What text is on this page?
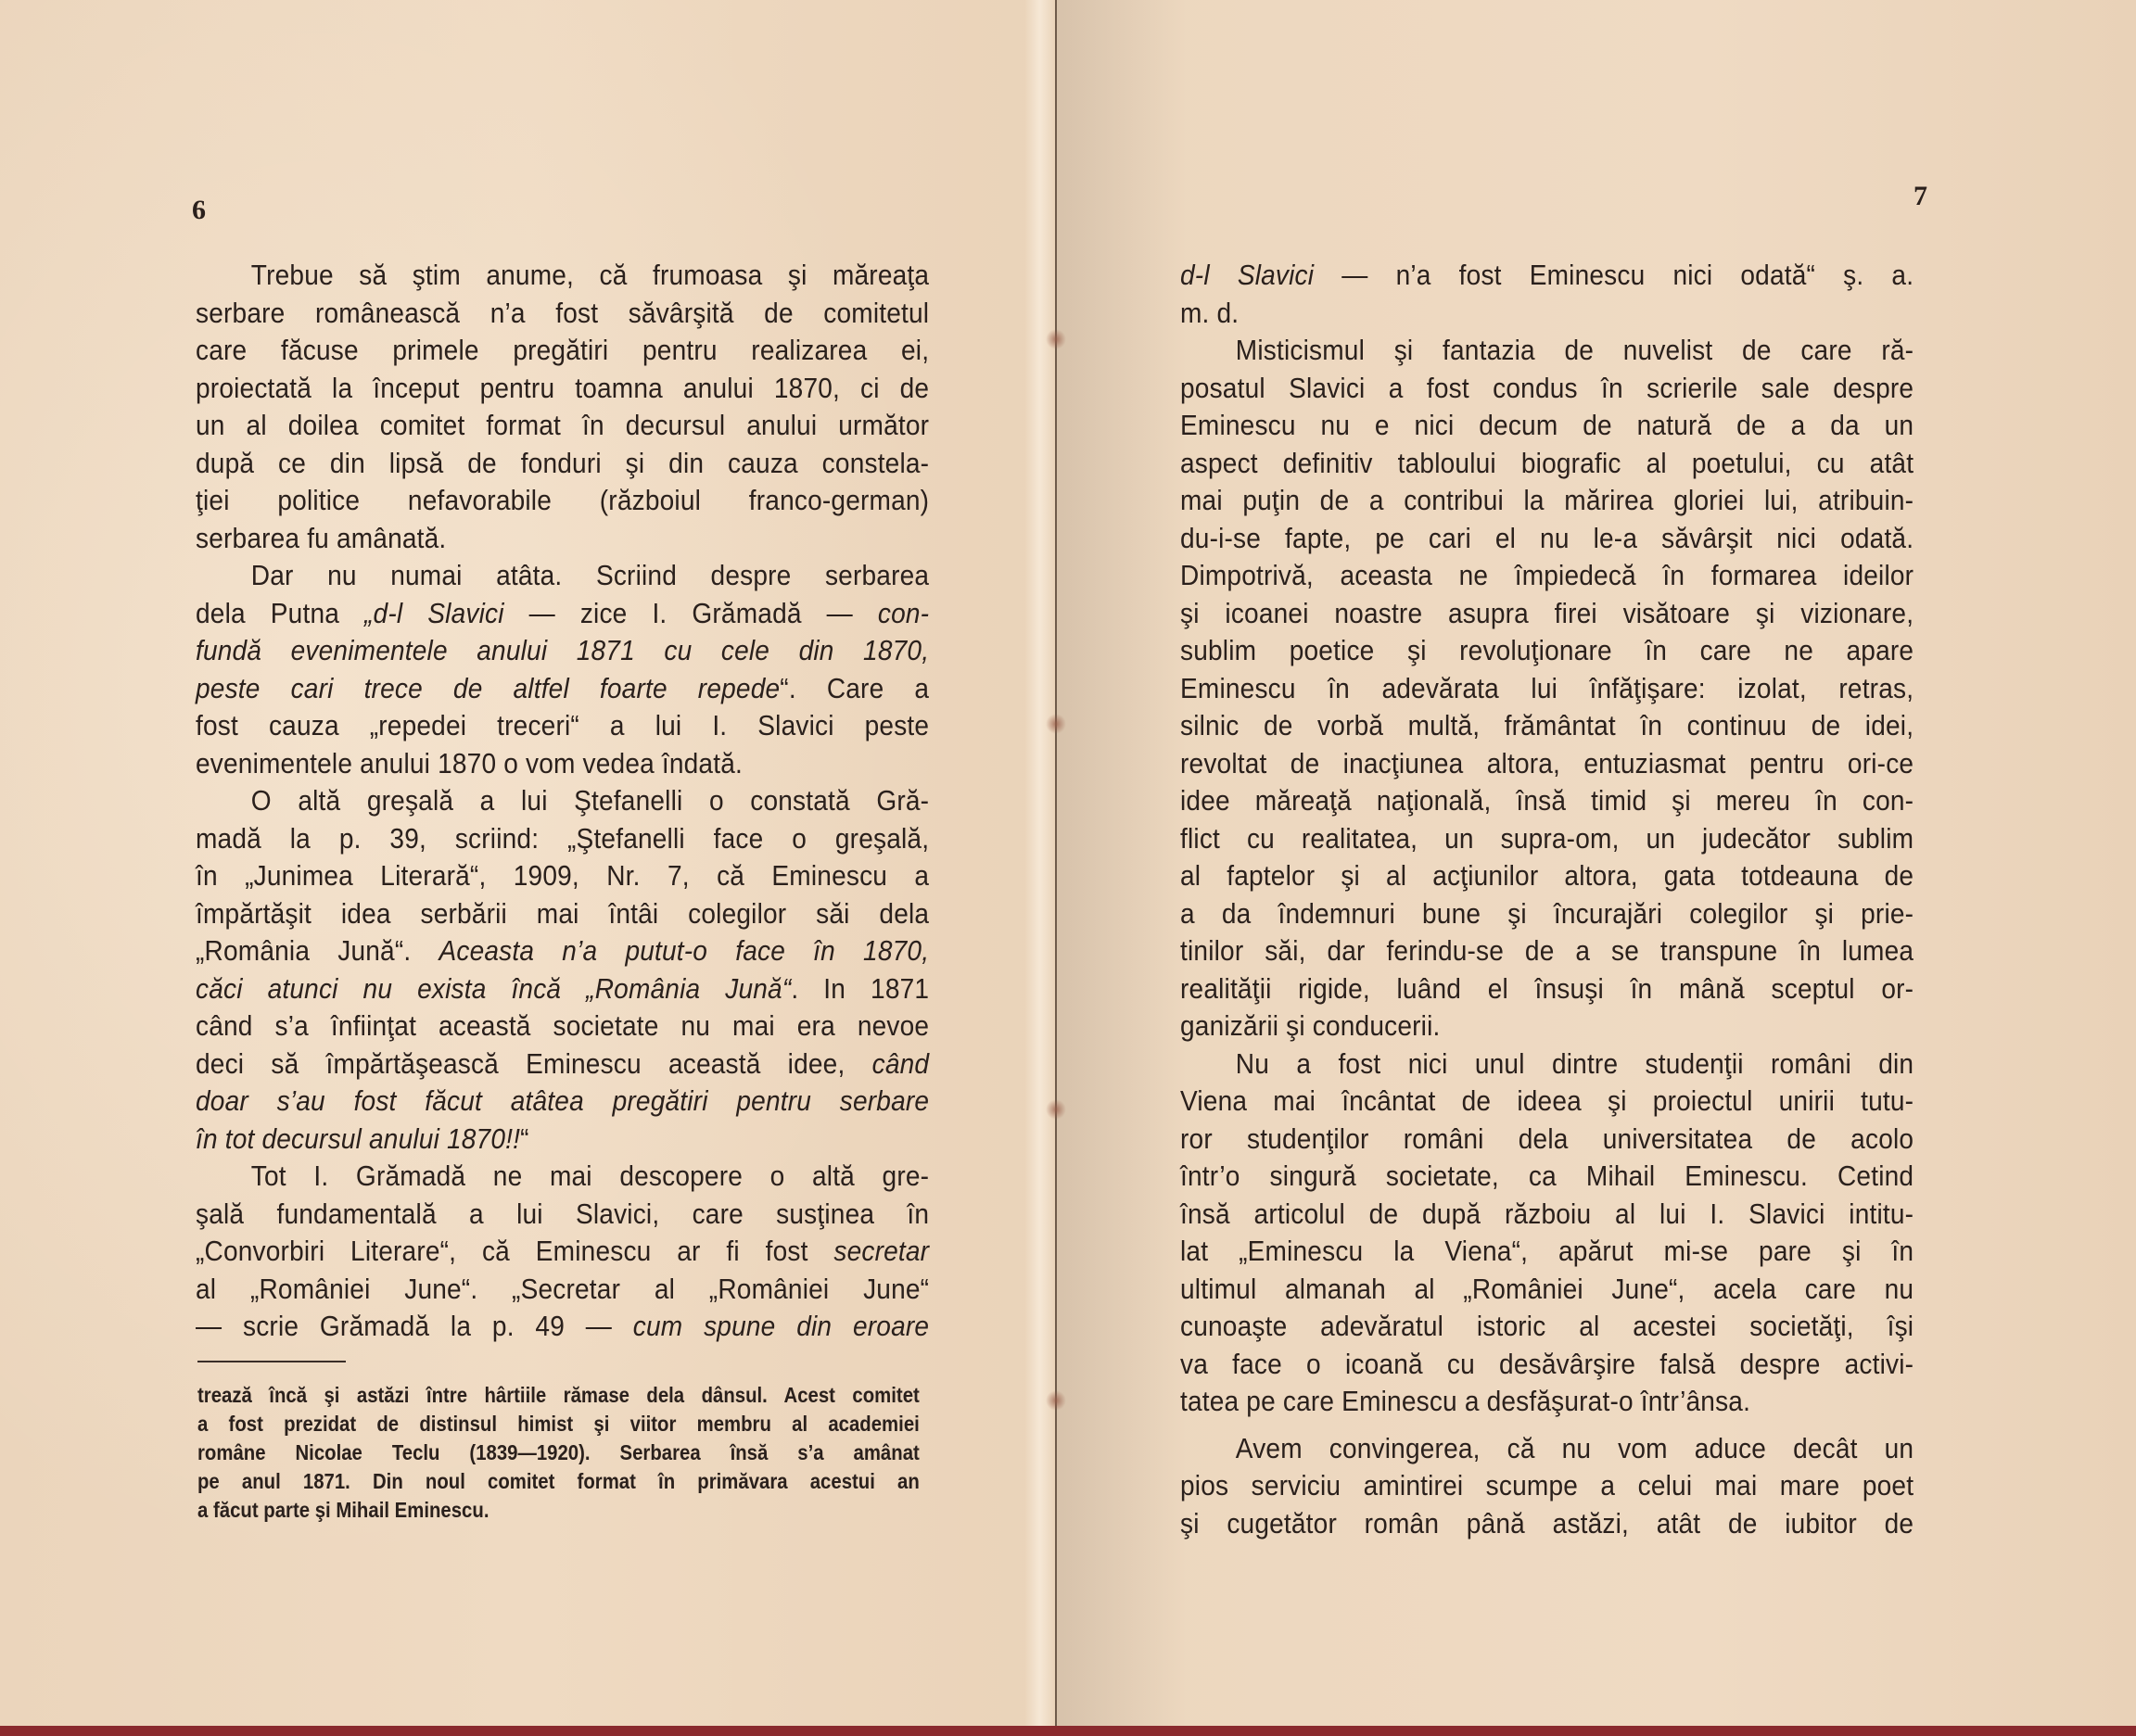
6
Trebue să ştim anume, că frumoasa şi măreaţa
serbare românească n’a fost săvârşită de comitetul
care făcuse primele pregătiri pentru realizarea ei,
proiectată la început pentru toamna anului 1870, ci de
un al doilea comitet format în decursul anului următor
după ce din lipsă de fonduri şi din cauza constela-
ţiei politice nefavorabile (războiul franco-german)
serbarea fu amânată.
Dar nu numai atâta. Scriind despre serbarea
dela Putna „d-l Slavici — zice I. Grămadă — con-
fundă evenimentele anului 1871 cu cele din 1870,
peste cari trece de altfel foarte repede“. Care a
fost cauza „repedei treceri“ a lui I. Slavici peste
evenimentele anului 1870 o vom vedea îndată.
O altă greşală a lui Ştefanelli o constată Gră-
madă la p. 39, scriind: „Ştefanelli face o greşală,
în „Junimea Literară“, 1909, Nr. 7, că Eminescu a
împărtăşit idea serbării mai întâi colegilor săi dela
„România Jună“. Aceasta n’a putut-o face în 1870,
căci atunci nu exista încă „România Jună“. In 1871
când s’a înfiinţat această societate nu mai era nevoe
deci să împărtăşească Eminescu această idee, când
doar s’au fost făcut atâtea pregătiri pentru serbare
în tot decursul anului 1870!!“
Tot I. Grămadă ne mai descopere o altă gre-
şală fundamentală a lui Slavici, care susţinea în
„Convorbiri Literare“, că Eminescu ar fi fost secretar
al „României June“. „Secretar al „României June“
— scrie Grămadă la p. 49 — cum spune din eroare
trează încă şi astăzi între hârtiile rămase dela dânsul. Acest comitet
a fost prezidat de distinsul himist şi viitor membru al academiei
române Nicolae Teclu (1839—1920). Serbarea însă s’a amânat
pe anul 1871. Din noul comitet format în primăvara acestui an
a făcut parte şi Mihail Eminescu.
7
d-l Slavici — n’a fost Eminescu nici odată“ ş. a.
m. d.
Misticismul şi fantazia de nuvelist de care ră-
posatul Slavici a fost condus în scrierile sale despre
Eminescu nu e nici decum de natură de a da un
aspect definitiv tabloului biografic al poetului, cu atât
mai puţin de a contribui la mărirea gloriei lui, atribuin-
du-i-se fapte, pe cari el nu le-a săvârşit nici odată.
Dimpotrivă, aceasta ne împiedecă în formarea ideilor
şi icoanei noastre asupra firei visătoare şi vizionare,
sublim poetice şi revoluţionare în care ne apare
Eminescu în adevărata lui înfăţişare: izolat, retras,
silnic de vorbă multă, frământat în continuu de idei,
revoltat de inacţiunea altora, entuziasmat pentru ori-ce
idee măreaţă naţională, însă timid şi mereu în con-
flict cu realitatea, un supra-om, un judecător sublim
al faptelor şi al acţiunilor altora, gata totdeauna de
a da îndemnuri bune şi încurajări colegilor şi prie-
tinilor săi, dar ferindu-se de a se transpune în lumea
realităţii rigide, luând el însuşi în mână sceptul or-
ganizării şi conducerii.
Nu a fost nici unul dintre studenţii români din
Viena mai încântat de ideea şi proiectul unirii tutu-
ror studenţilor români dela universitatea de acolo
într’o singură societate, ca Mihail Eminescu. Cetind
însă articolul de după războiu al lui I. Slavici intitu-
lat „Eminescu la Viena“, apărut mi-se pare şi în
ultimul almanah al „României June“, acela care nu
cunoaşte adevăratul istoric al acestei societăţi, îşi
va face o icoană cu desăvârşire falsă despre activi-
tatea pe care Eminescu a desfăşurat-o într’ânsa.
Avem convingerea, că nu vom aduce decât un
pios serviciu amintirei scumpe a celui mai mare poet
şi cugetător român până astăzi, atât de iubitor de
